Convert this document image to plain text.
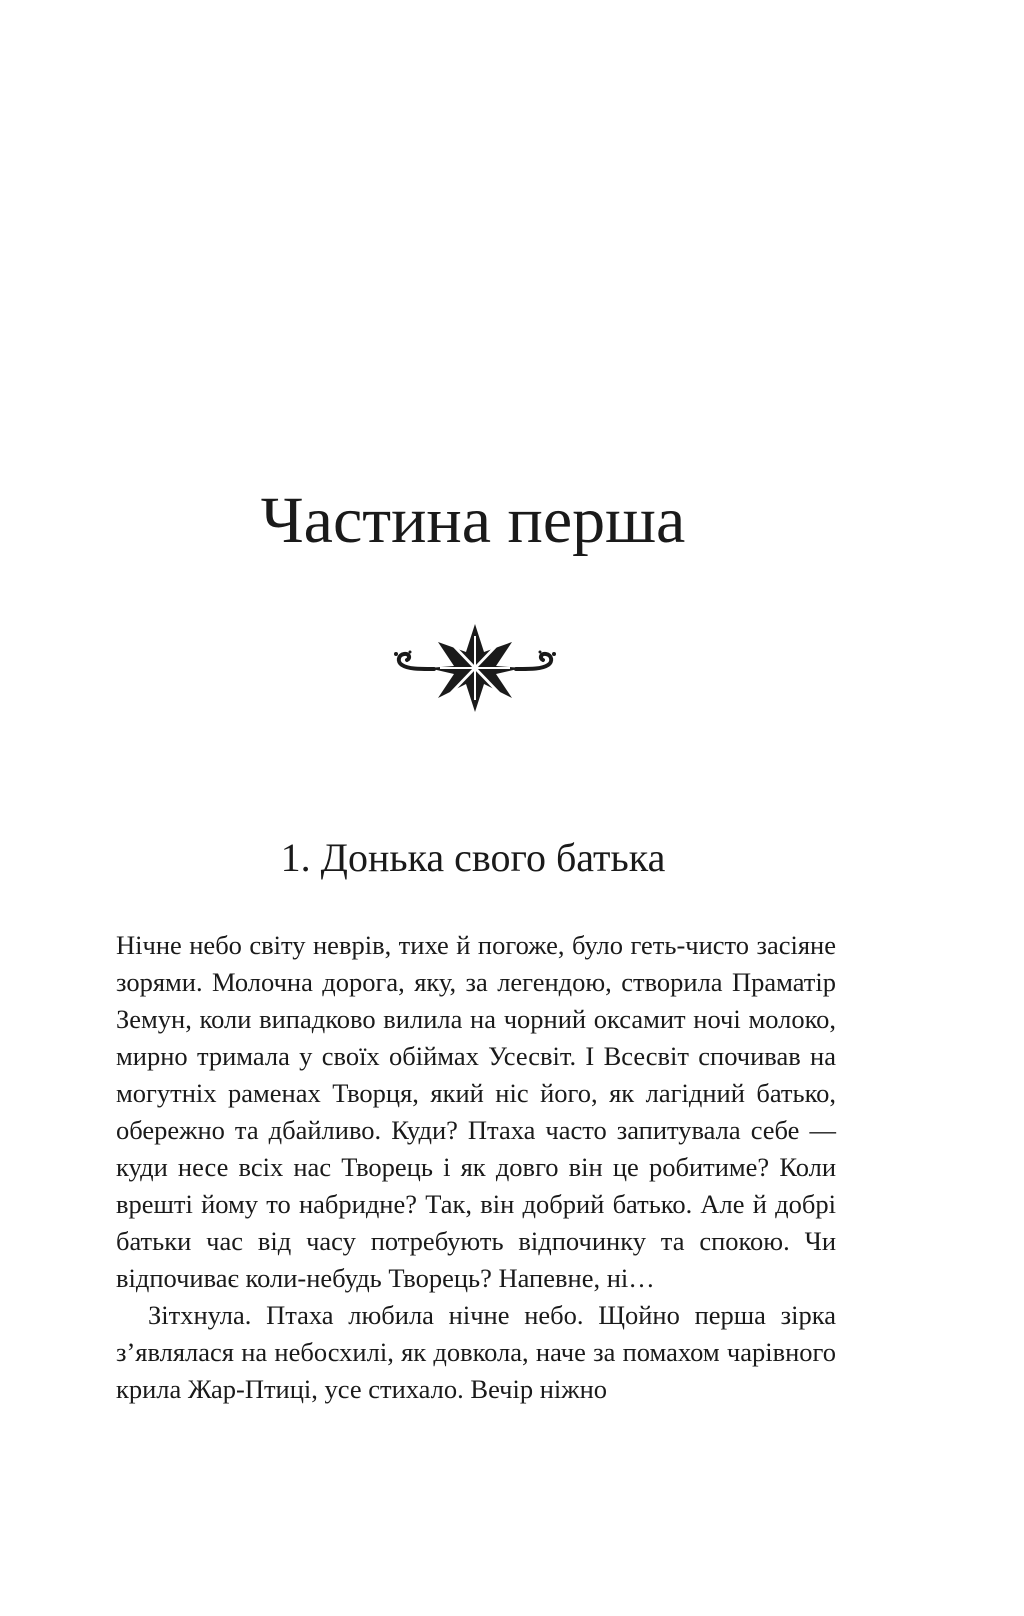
Частина перша
1. Донька свого батька

Нічне небо світу неврів, тихе й погоже, було геть-чисто засіяне зорями. Молочна дорога, яку, за легендою, створила Праматір Земун, коли випадково вилила на чорний оксамит ночі молоко, мирно тримала у своїх обіймах Усесвіт. І Всесвіт спочивав на могутніх раменах Творця, який ніс його, як лагідний батько, обережно та дбайливо. Куди? Птаха часто запитувала себе — куди несе всіх нас Творець і як довго він це робитиме? Коли врешті йому то набридне? Так, він добрий батько. Але й добрі батьки час від часу потребують відпочинку та спокою. Чи відпочиває коли-небудь Творець? Напевне, ні…

Зітхнула. Птаха любила нічне небо. Щойно перша зірка з’являлася на небосхилі, як довкола, наче за помахом чарівного крила Жар-Птиці, усе стихало. Вечір ніжно
